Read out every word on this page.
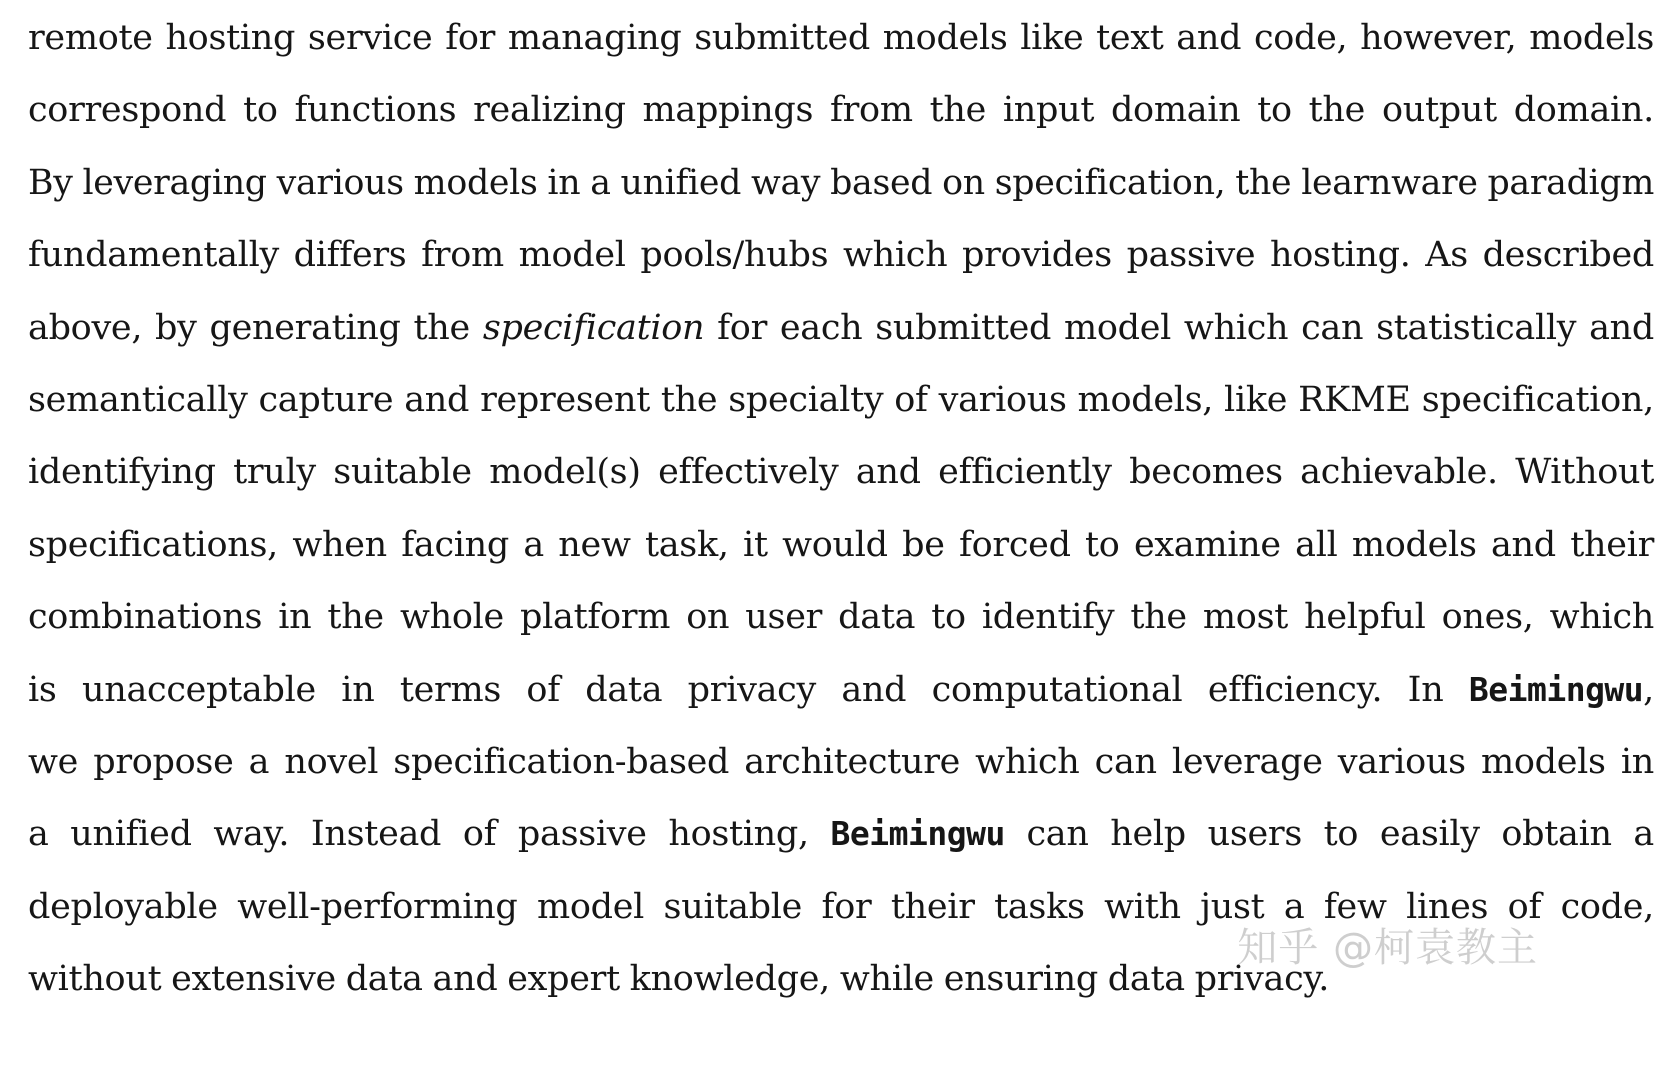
remote hosting service for managing submitted models like text and code, however, models
correspond to functions realizing mappings from the input domain to the output domain.
By leveraging various models in a unified way based on specification, the learnware paradigm
fundamentally differs from model pools/hubs which provides passive hosting. As described
above, by generating the specification for each submitted model which can statistically and
semantically capture and represent the specialty of various models, like RKME specification,
identifying truly suitable model(s) effectively and efficiently becomes achievable. Without
specifications, when facing a new task, it would be forced to examine all models and their
combinations in the whole platform on user data to identify the most helpful ones, which
is unacceptable in terms of data privacy and computational efficiency. In Beimingwu,
we propose a novel specification-based architecture which can leverage various models in
a unified way. Instead of passive hosting, Beimingwu can help users to easily obtain a
deployable well-performing model suitable for their tasks with just a few lines of code,
without extensive data and expert knowledge, while ensuring data privacy.
知乎 @柯袁教主
